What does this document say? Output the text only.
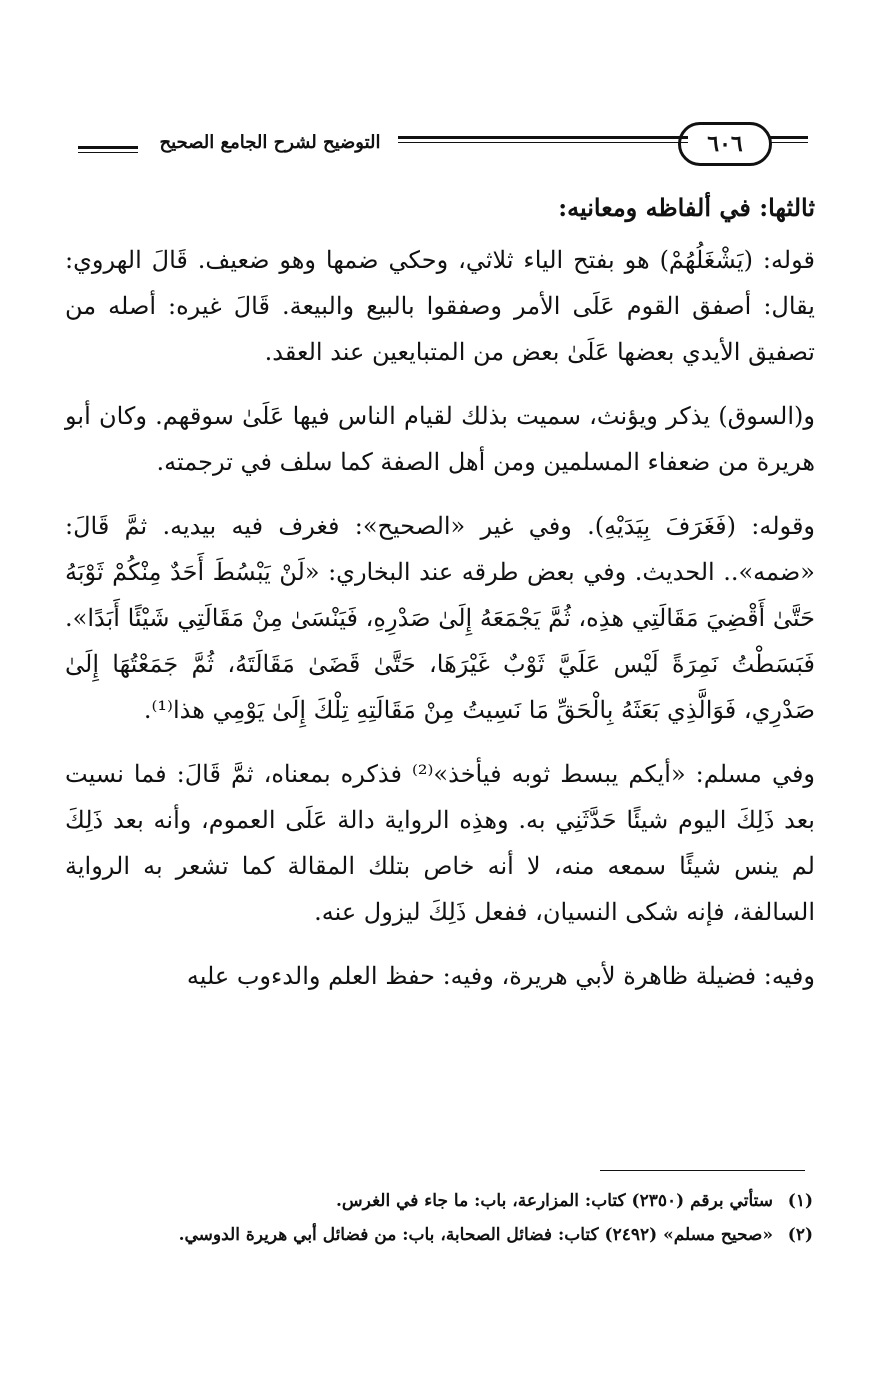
٦٠٦
التوضيح لشرح الجامع الصحيح

ثالثها: في ألفاظه ومعانيه:

قوله: (يَشْغَلُهُمْ) هو بفتح الياء ثلاثي، وحكي ضمها وهو ضعيف. قَالَ الهروي: يقال: أصفق القوم عَلَى الأمر وصفقوا بالبيع والبيعة. قَالَ غيره: أصله من تصفيق الأيدي بعضها عَلَىٰ بعض من المتبايعين عند العقد.

و(السوق) يذكر ويؤنث، سميت بذلك لقيام الناس فيها عَلَىٰ سوقهم. وكان أبو هريرة من ضعفاء المسلمين ومن أهل الصفة كما سلف في ترجمته.

وقوله: (فَغَرَفَ بِيَدَيْهِ). وفي غير «الصحيح»: فغرف فيه بيديه. ثمَّ قَالَ: «ضمه».. الحديث. وفي بعض طرقه عند البخاري: «لَنْ يَبْسُطَ أَحَدٌ مِنْكُمْ ثَوْبَهُ حَتَّىٰ أَقْضِيَ مَقَالَتِي هذِه، ثُمَّ يَجْمَعَهُ إِلَىٰ صَدْرِهِ، فَيَنْسَىٰ مِنْ مَقَالَتِي شَيْئًا أَبَدًا». فَبَسَطْتُ نَمِرَةً لَيْس عَلَيَّ ثَوْبٌ غَيْرَهَا، حَتَّىٰ قَضَىٰ مَقَالَتَهُ، ثُمَّ جَمَعْتُهَا إِلَىٰ صَدْرِي، فَوَالَّذِي بَعَثَهُ بِالْحَقِّ مَا نَسِيتُ مِنْ مَقَالَتِهِ تِلْكَ إِلَىٰ يَوْمِي هذا⁽¹⁾.

وفي مسلم: «أيكم يبسط ثوبه فيأخذ»⁽²⁾ فذكره بمعناه، ثمَّ قَالَ: فما نسيت بعد ذَلِكَ اليوم شيئًا حَدَّثَنِي به. وهذِه الرواية دالة عَلَى العموم، وأنه بعد ذَلِكَ لم ينس شيئًا سمعه منه، لا أنه خاص بتلك المقالة كما تشعر به الرواية السالفة، فإنه شكى النسيان، ففعل ذَلِكَ ليزول عنه.

وفيه: فضيلة ظاهرة لأبي هريرة، وفيه: حفظ العلم والدءوب عليه

(١)
ستأتي برقم (٢٣٥٠) كتاب: المزارعة، باب: ما جاء في الغرس.
(٢)
«صحيح مسلم» (٢٤٩٢) كتاب: فضائل الصحابة، باب: من فضائل أبي هريرة الدوسي.
